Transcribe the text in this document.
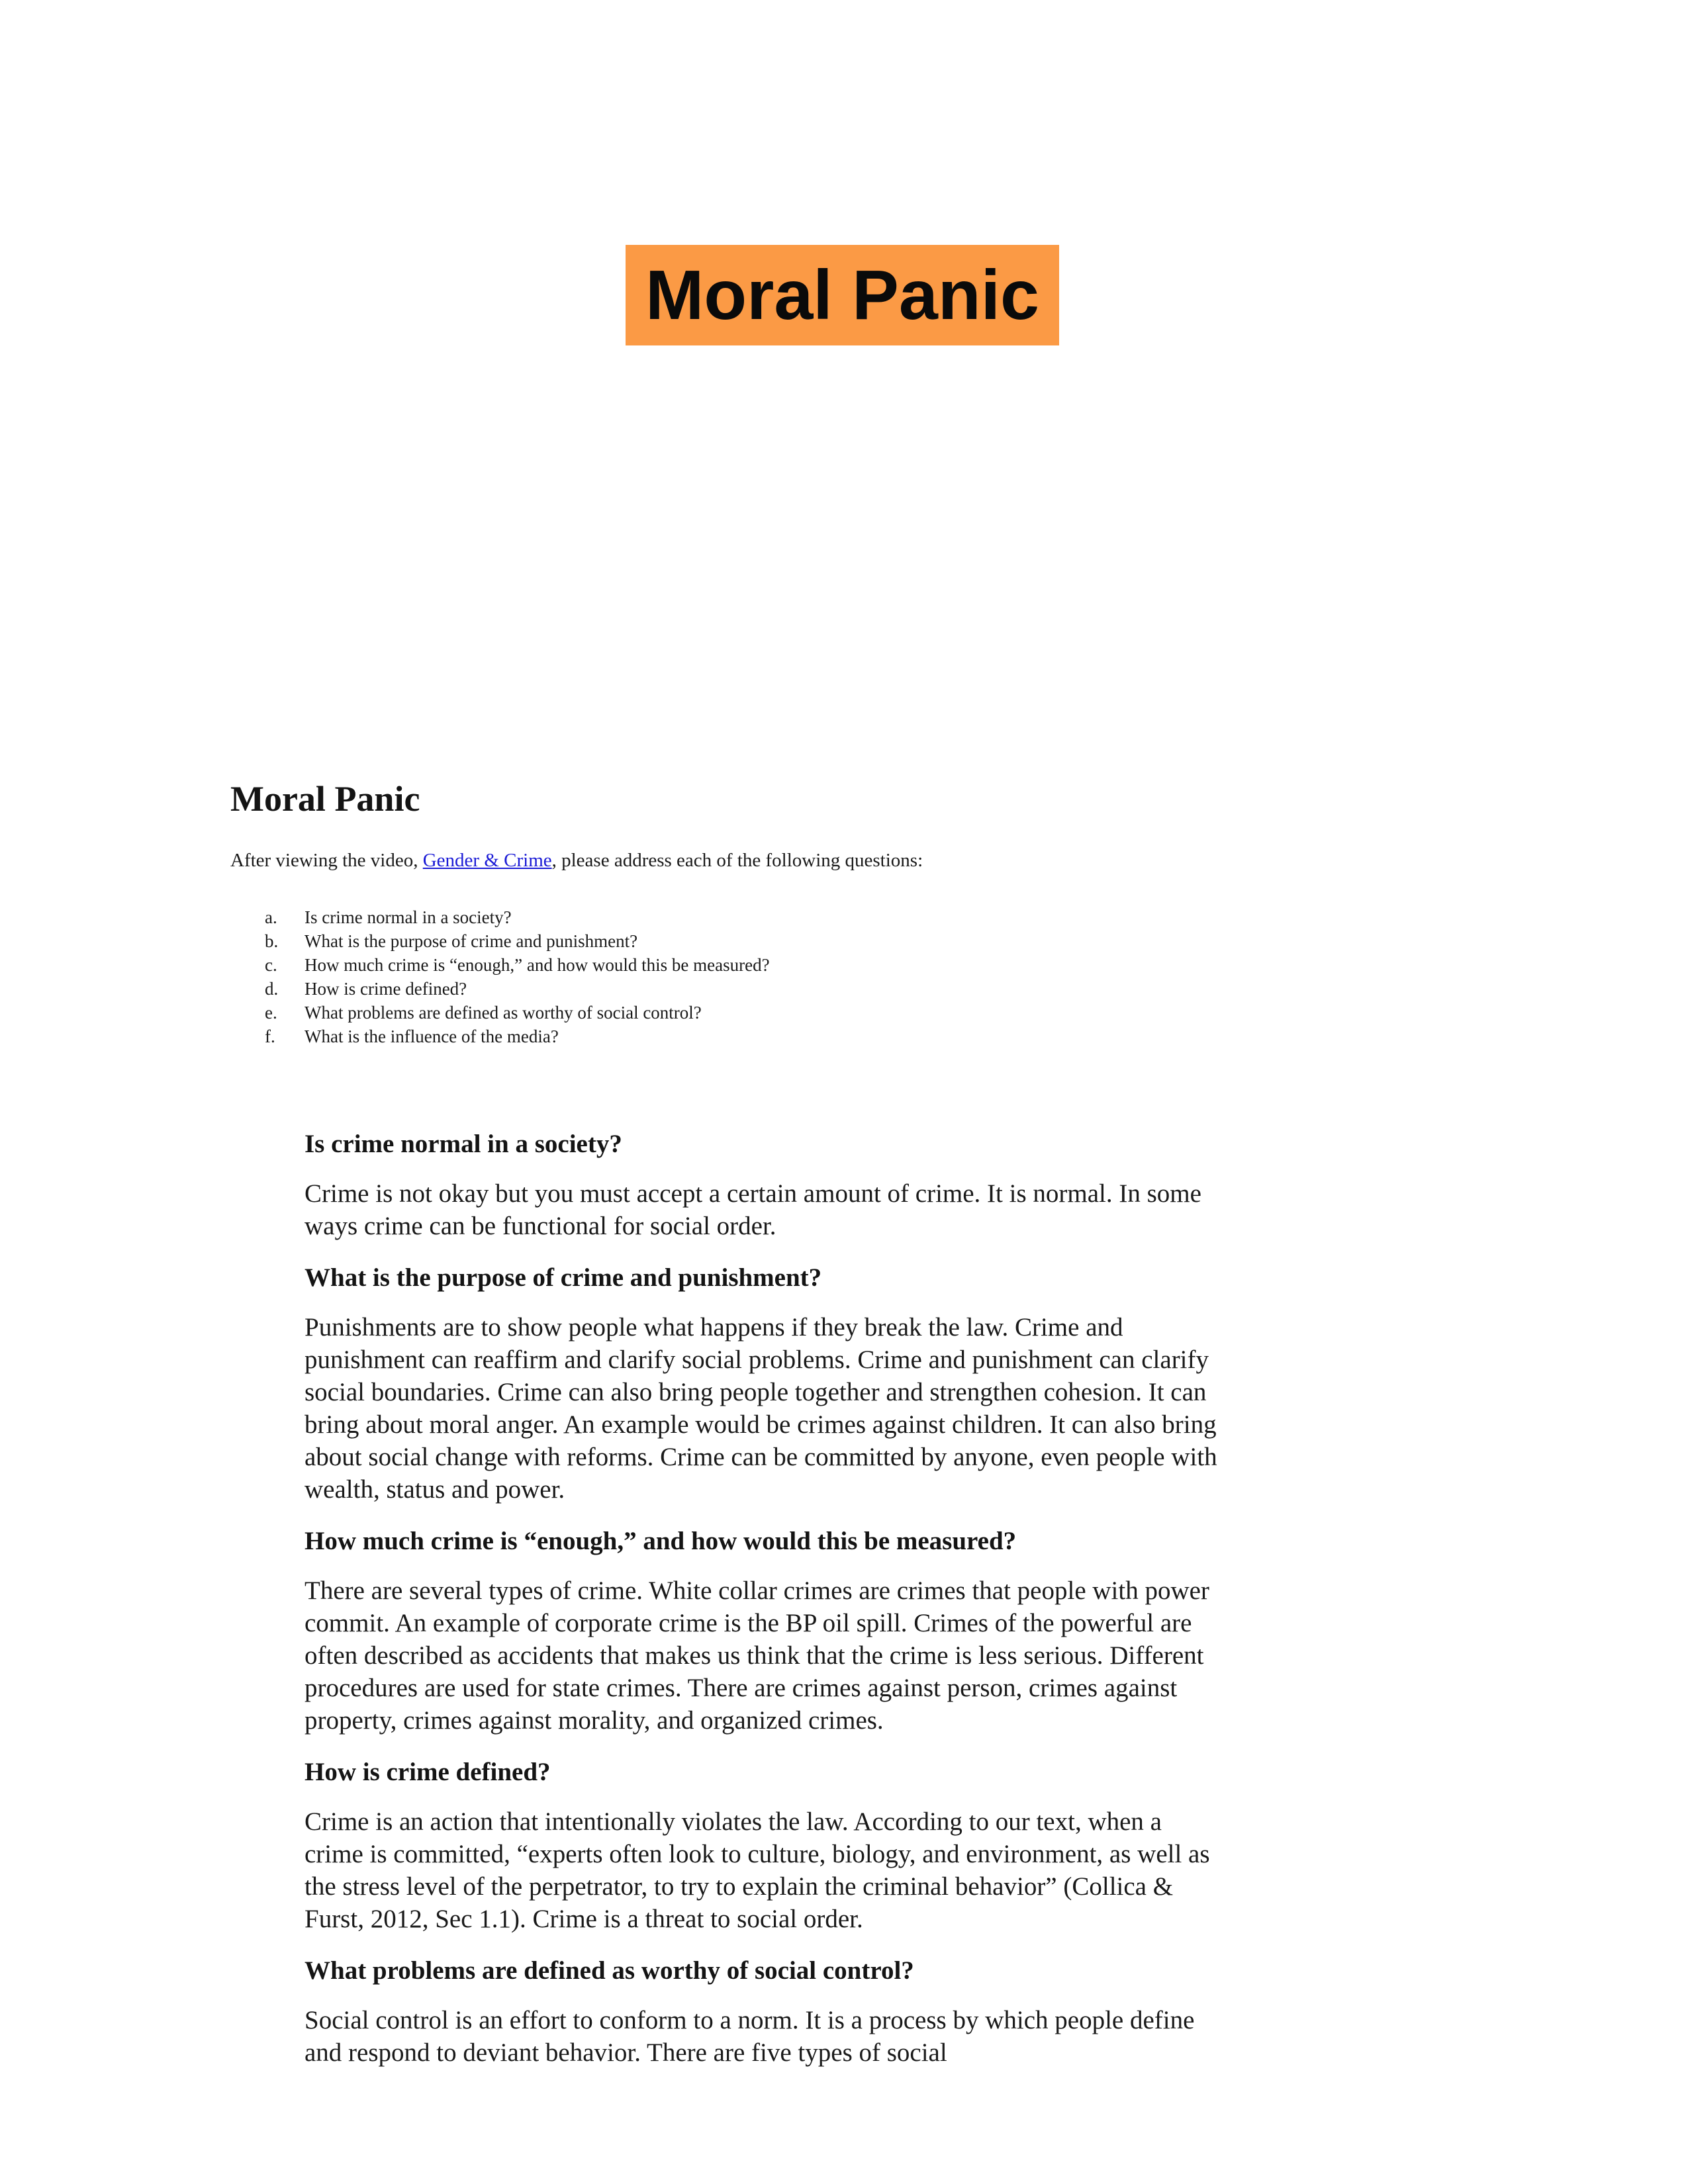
Moral Panic
Moral Panic

After viewing the video, Gender & Crime, please address each of the following questions:

a.	Is crime normal in a society?
b.	What is the purpose of crime and punishment?
c.	How much crime is “enough,” and how would this be measured?
d.	How is crime defined?
e.	What problems are defined as worthy of social control?
f.	What is the influence of the media?

Is crime normal in a society?

Crime is not okay but you must accept a certain amount of crime. It is normal. In some ways crime can be functional for social order.

What is the purpose of crime and punishment?

Punishments are to show people what happens if they break the law. Crime and punishment can reaffirm and clarify social problems. Crime and punishment can clarify social boundaries. Crime can also bring people together and strengthen cohesion. It can bring about moral anger. An example would be crimes against children. It can also bring about social change with reforms. Crime can be committed by anyone, even people with wealth, status and power.

How much crime is “enough,” and how would this be measured?

There are several types of crime. White collar crimes are crimes that people with power commit. An example of corporate crime is the BP oil spill. Crimes of the powerful are often described as accidents that makes us think that the crime is less serious. Different procedures are used for state crimes. There are crimes against person, crimes against property, crimes against morality, and organized crimes.

How is crime defined?

Crime is an action that intentionally violates the law. According to our text, when a crime is committed, “experts often look to culture, biology, and environment, as well as the stress level of the perpetrator, to try to explain the criminal behavior” (Collica & Furst, 2012, Sec 1.1). Crime is a threat to social order.

What problems are defined as worthy of social control?

Social control is an effort to conform to a norm. It is a process by which people define and respond to deviant behavior. There are five types of social
